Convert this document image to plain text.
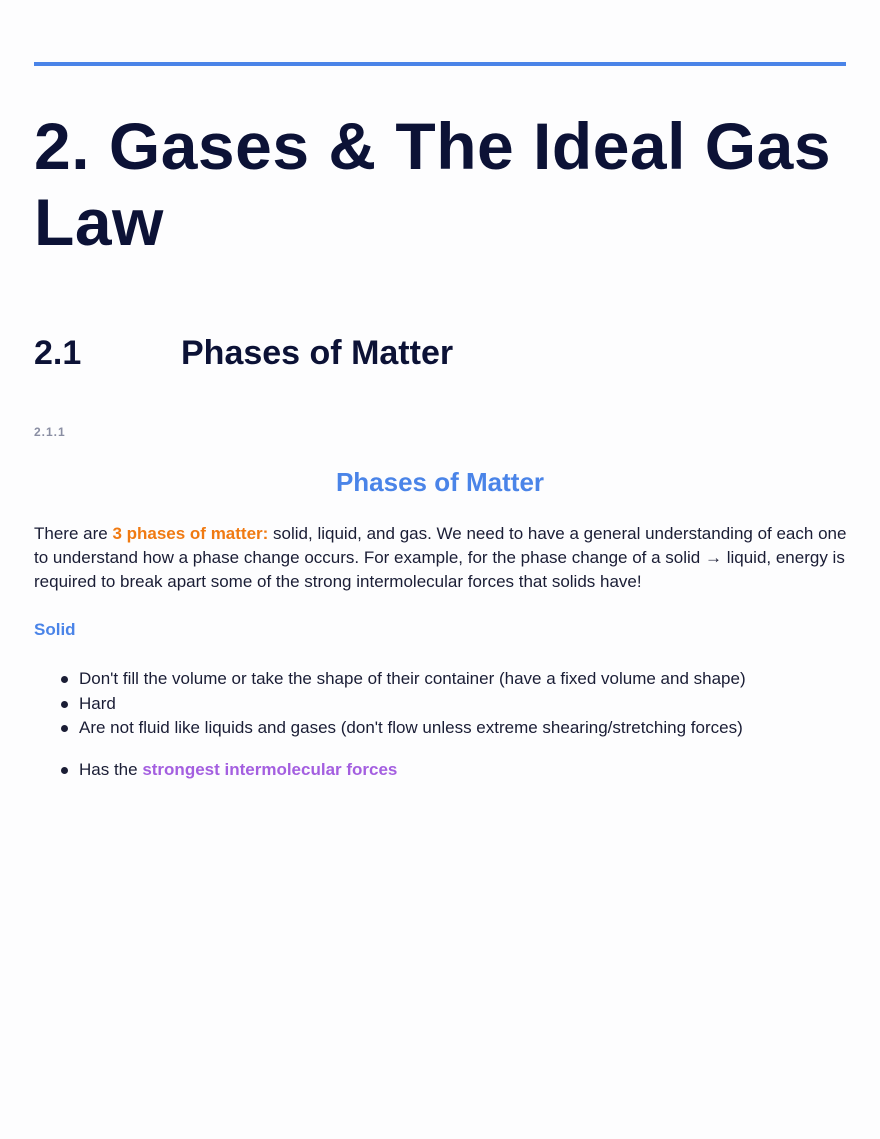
2. Gases & The Ideal Gas Law
2.1	Phases of Matter
2.1.1
Phases of Matter

There are 3 phases of matter: solid, liquid, and gas. We need to have a general understanding of each one to understand how a phase change occurs. For example, for the phase change of a solid → liquid, energy is required to break apart some of the strong intermolecular forces that solids have!

Solid
Don't fill the volume or take the shape of their container (have a fixed volume and shape)
Hard
Are not fluid like liquids and gases (don't flow unless extreme shearing/stretching forces)
Has the strongest intermolecular forces
